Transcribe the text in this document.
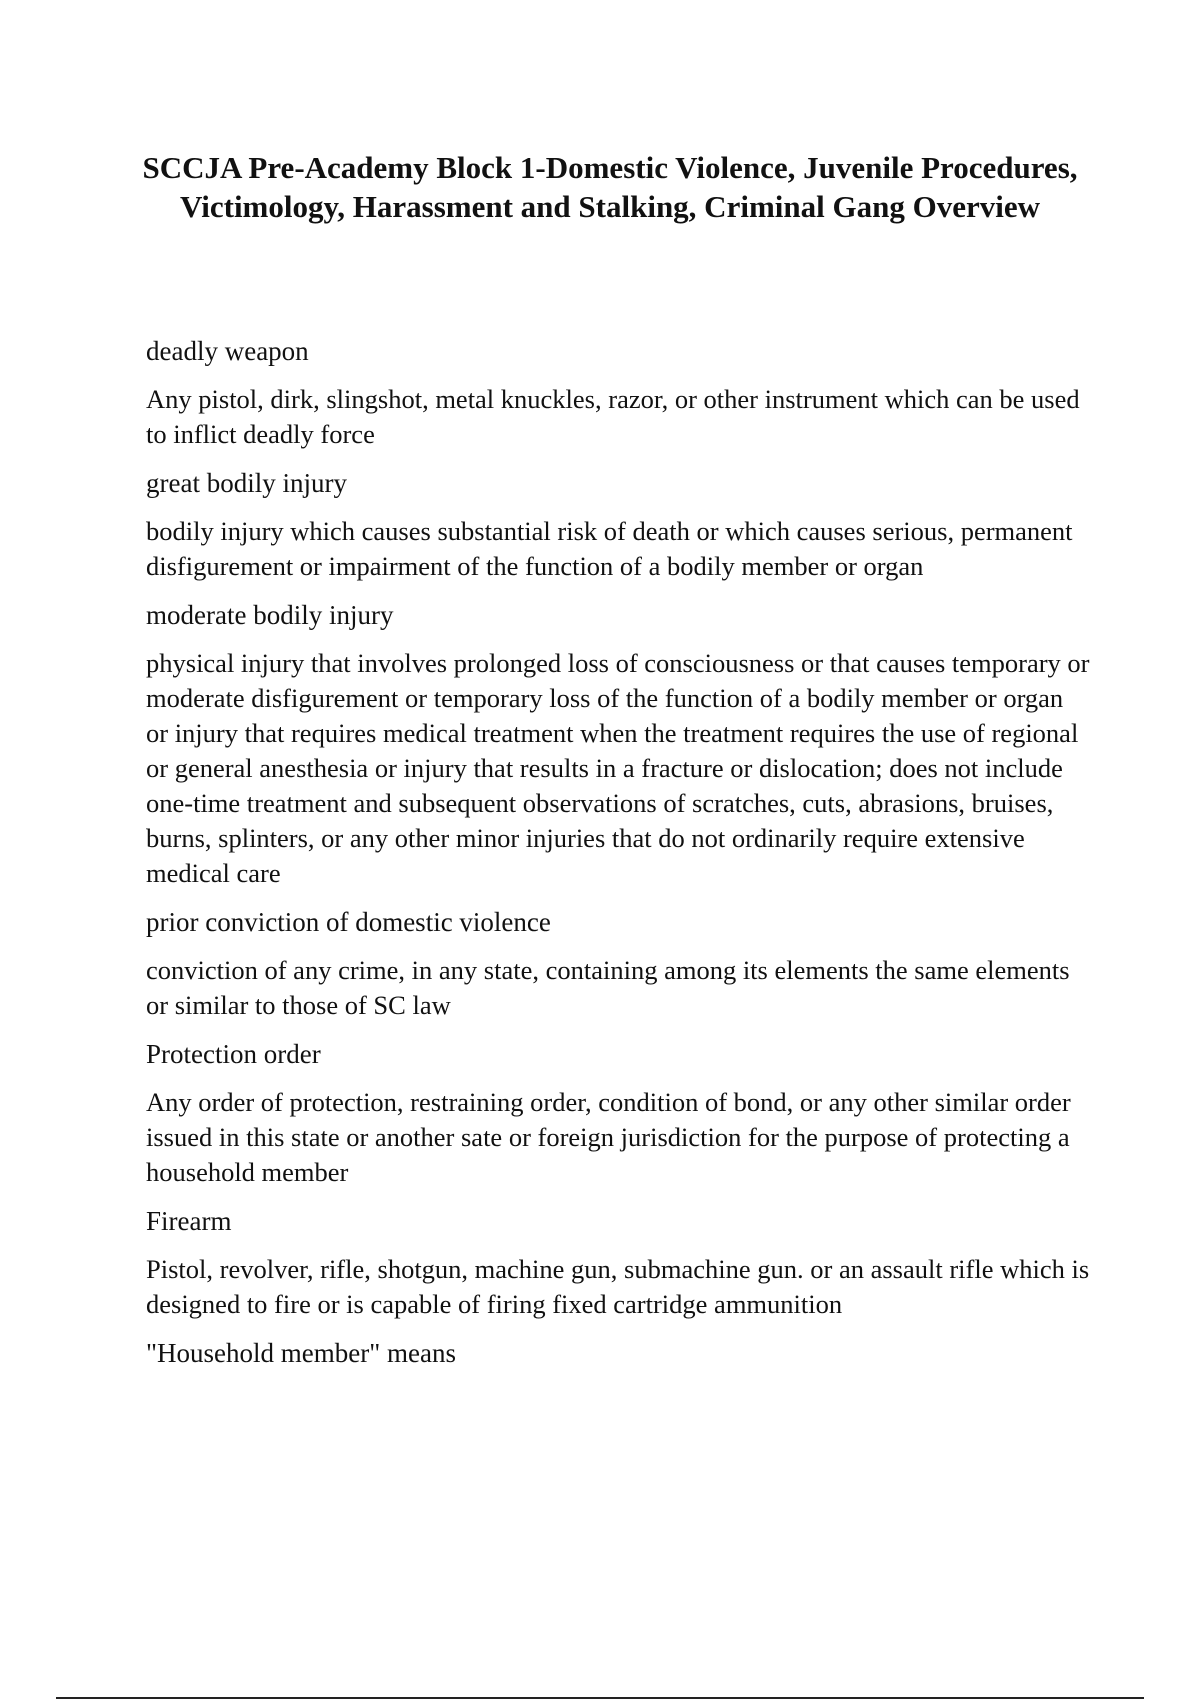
SCCJA Pre-Academy Block 1-Domestic Violence, Juvenile Procedures, Victimology, Harassment and Stalking, Criminal Gang Overview

deadly weapon

Any pistol, dirk, slingshot, metal knuckles, razor, or other instrument which can be used to inflict deadly force

great bodily injury

bodily injury which causes substantial risk of death or which causes serious, permanent disfigurement or impairment of the function of a bodily member or organ

moderate bodily injury

physical injury that involves prolonged loss of consciousness or that causes temporary or moderate disfigurement or temporary loss of the function of a bodily member or organ or injury that requires medical treatment when the treatment requires the use of regional or general anesthesia or injury that results in a fracture or dislocation; does not include one-time treatment and subsequent observations of scratches, cuts, abrasions, bruises, burns, splinters, or any other minor injuries that do not ordinarily require extensive medical care

prior conviction of domestic violence

conviction of any crime, in any state, containing among its elements the same elements or similar to those of SC law

Protection order

Any order of protection, restraining order, condition of bond, or any other similar order issued in this state or another sate or foreign jurisdiction for the purpose of protecting a household member

Firearm

Pistol, revolver, rifle, shotgun, machine gun, submachine gun. or an assault rifle which is designed to fire or is capable of firing fixed cartridge ammunition

"Household member" means
